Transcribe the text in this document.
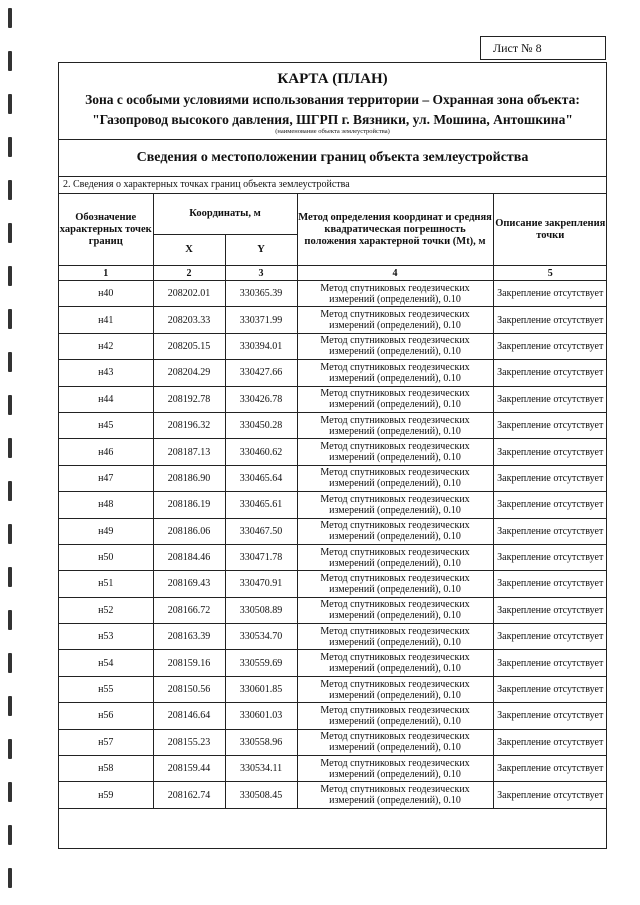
Лист № 8
КАРТА (ПЛАН)
Зона с особыми условиями использования территории – Охранная зона объекта:
"Газопровод высокого давления, ШГРП г. Вязники, ул. Мошина, Антошкина"
(наименование объекта землеустройства)
Сведения о местоположении границ объекта землеустройства
2. Сведения о характерных точках границ объекта землеустройства
Обозначение характерных точек границ	Координаты, м		Метод определения координат и средняя квадратическая погрешность положения характерной точки (Mt), м	Описание закрепления точки
	X	Y		
1	2	3	4	5
н40	208202.01	330365.39	Метод спутниковых геодезических измерений (определений), 0.10	Закрепление отсутствует
н41	208203.33	330371.99	Метод спутниковых геодезических измерений (определений), 0.10	Закрепление отсутствует
н42	208205.15	330394.01	Метод спутниковых геодезических измерений (определений), 0.10	Закрепление отсутствует
н43	208204.29	330427.66	Метод спутниковых геодезических измерений (определений), 0.10	Закрепление отсутствует
н44	208192.78	330426.78	Метод спутниковых геодезических измерений (определений), 0.10	Закрепление отсутствует
н45	208196.32	330450.28	Метод спутниковых геодезических измерений (определений), 0.10	Закрепление отсутствует
н46	208187.13	330460.62	Метод спутниковых геодезических измерений (определений), 0.10	Закрепление отсутствует
н47	208186.90	330465.64	Метод спутниковых геодезических измерений (определений), 0.10	Закрепление отсутствует
н48	208186.19	330465.61	Метод спутниковых геодезических измерений (определений), 0.10	Закрепление отсутствует
н49	208186.06	330467.50	Метод спутниковых геодезических измерений (определений), 0.10	Закрепление отсутствует
н50	208184.46	330471.78	Метод спутниковых геодезических измерений (определений), 0.10	Закрепление отсутствует
н51	208169.43	330470.91	Метод спутниковых геодезических измерений (определений), 0.10	Закрепление отсутствует
н52	208166.72	330508.89	Метод спутниковых геодезических измерений (определений), 0.10	Закрепление отсутствует
н53	208163.39	330534.70	Метод спутниковых геодезических измерений (определений), 0.10	Закрепление отсутствует
н54	208159.16	330559.69	Метод спутниковых геодезических измерений (определений), 0.10	Закрепление отсутствует
н55	208150.56	330601.85	Метод спутниковых геодезических измерений (определений), 0.10	Закрепление отсутствует
н56	208146.64	330601.03	Метод спутниковых геодезических измерений (определений), 0.10	Закрепление отсутствует
н57	208155.23	330558.96	Метод спутниковых геодезических измерений (определений), 0.10	Закрепление отсутствует
н58	208159.44	330534.11	Метод спутниковых геодезических измерений (определений), 0.10	Закрепление отсутствует
н59	208162.74	330508.45	Метод спутниковых геодезических измерений (определений), 0.10	Закрепление отсутствует
